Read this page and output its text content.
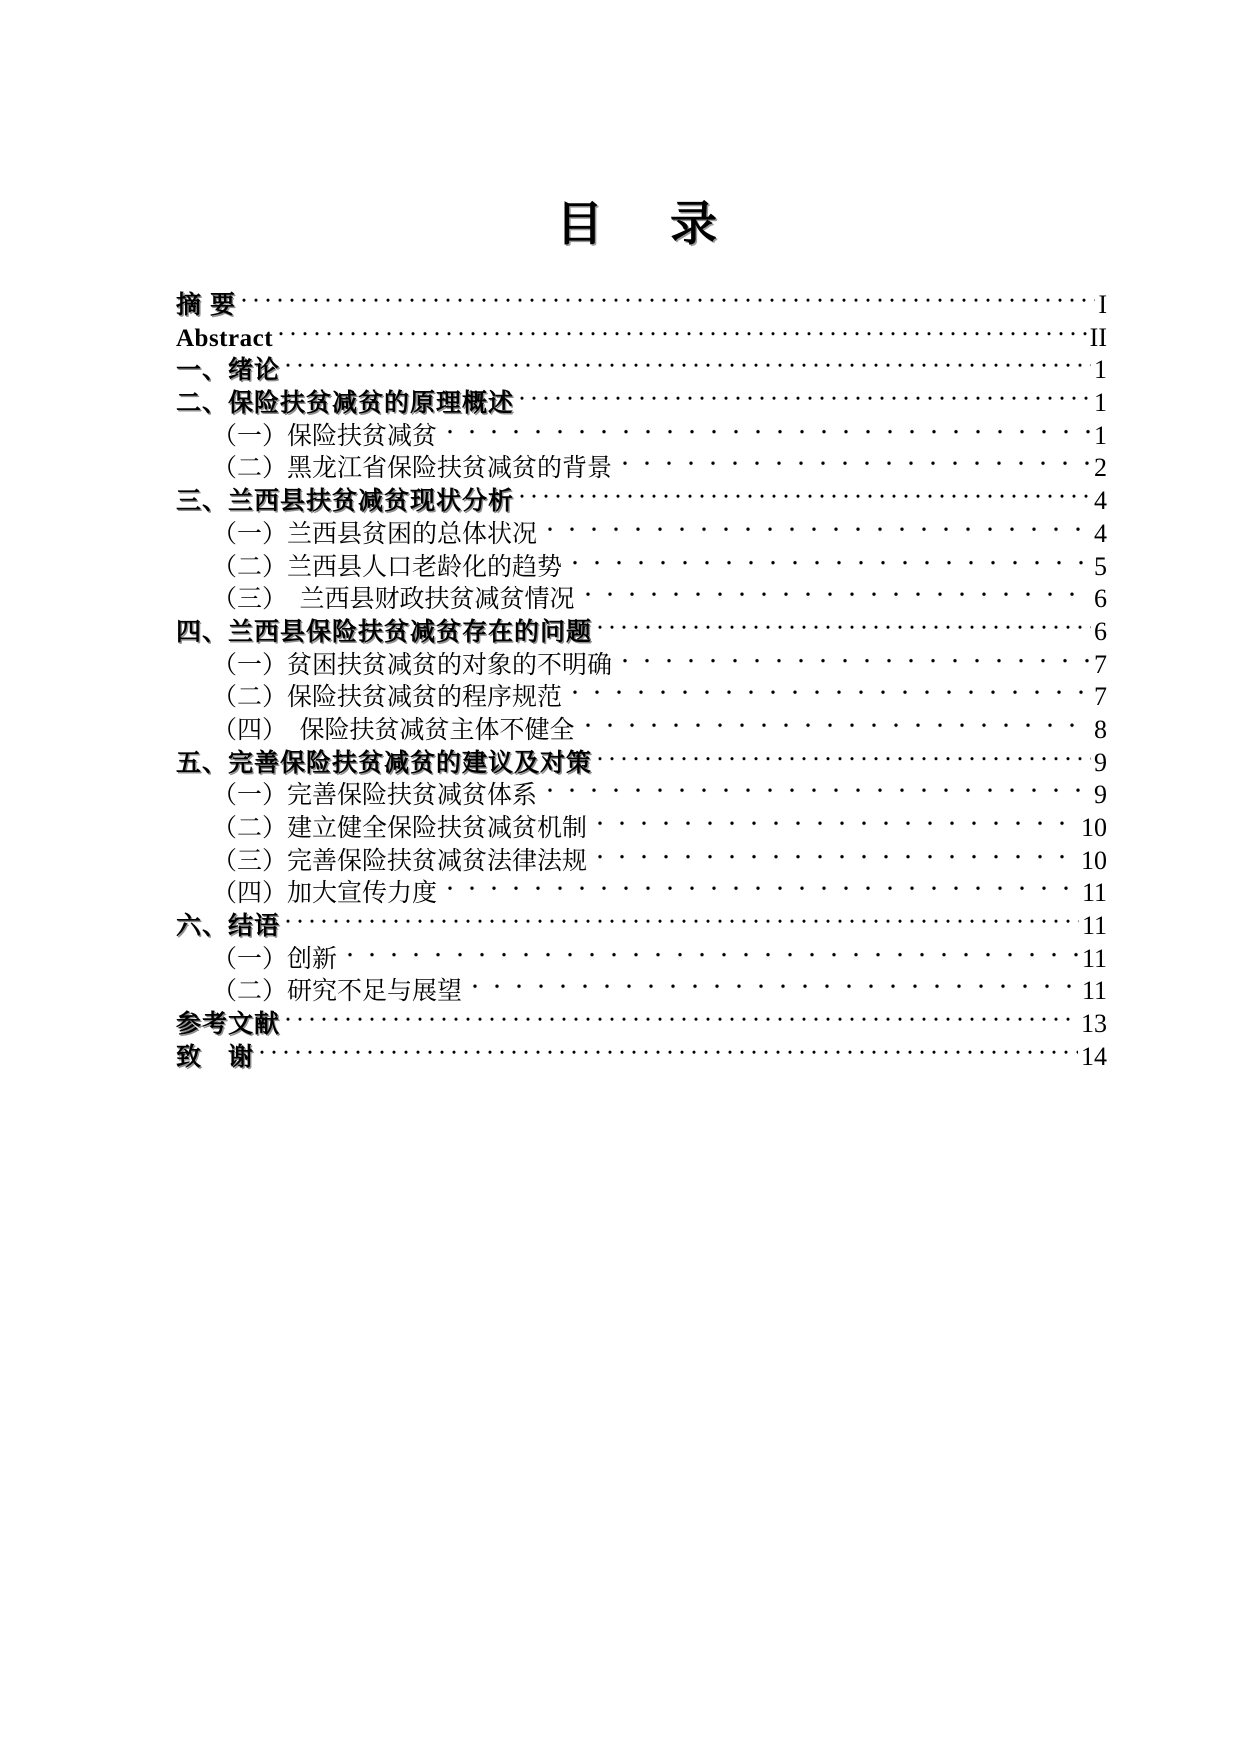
目　录
摘 要	I
Abstract	II
一、绪论	1
二、保险扶贫减贫的原理概述	1
（一）保险扶贫减贫	1
（二）黑龙江省保险扶贫减贫的背景	2
三、兰西县扶贫减贫现状分析	4
（一）兰西县贫困的总体状况	4
（二）兰西县人口老龄化的趋势	5
（三）　兰西县财政扶贫减贫情况	6
四、兰西县保险扶贫减贫存在的问题	6
（一）贫困扶贫减贫的对象的不明确	7
（二）保险扶贫减贫的程序规范	7
（四）　保险扶贫减贫主体不健全	8
五、完善保险扶贫减贫的建议及对策	9
（一）完善保险扶贫减贫体系	9
（二）建立健全保险扶贫减贫机制	10
（三）完善保险扶贫减贫法律法规	10
（四）加大宣传力度	11
六、结语	11
（一）创新	11
（二）研究不足与展望	11
参考文献	13
致　谢	14
